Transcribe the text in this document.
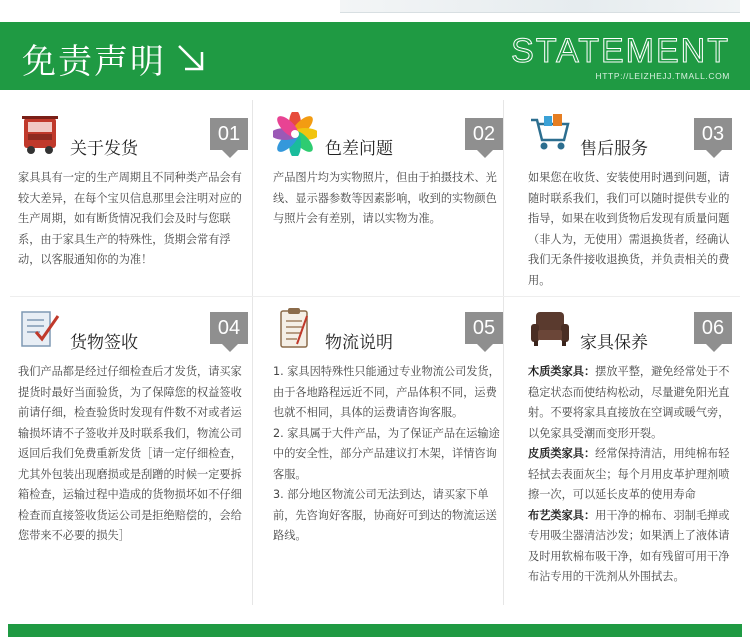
免责声明	STATEMENT
HTTP://LEIZHEJJ.TMALL.COM
关于发货
01

家具具有一定的生产周期且不同种类产品会有较大差异，在每个宝贝信息那里会注明对应的生产周期，如有断货情况我们会及时与您联系，由于家具生产的特殊性，货期会常有浮动，以客服通知你的为准！

色差问题
02

产品图片均为实物照片，但由于拍摄技术、光线、显示器参数等因素影响，收到的实物颜色与照片会有差别，请以实物为准。

售后服务
03

如果您在收货、安装使用时遇到问题，请随时联系我们，我们可以随时提供专业的指导，如果在收到货物后发现有质量问题（非人为，无使用）需退换货者，经确认我们无条件接收退换货，并负责相关的费用。

货物签收
04

我们产品都是经过仔细检查后才发货，请买家提货时最好当面验货，为了保障您的权益签收前请仔细，检查验货时发现有件数不对或者运输损坏请不子签收并及时联系我们，物流公司返回后我们免费重新发货［请一定仔细检查，尤其外包装出现磨损或是刮蹭的时候一定要拆箱检查，运输过程中造成的货物损坏如不仔细检查而直接签收货运公司是拒绝赔偿的，会给您带来不必要的损失］

物流说明
05

1. 家具因特殊性只能通过专业物流公司发货，由于各地路程远近不同，产品体积不同，运费也就不相同，具体的运费请咨询客服。

2. 家具属于大件产品，为了保证产品在运输途中的安全性，部分产品建议打木架，详情咨询客服。

3. 部分地区物流公司无法到达，请买家下单前，先咨询好客服，协商好可到达的物流运送路线。

家具保养
06

木质类家具：摆放平整，避免经常处于不稳定状态而使结构松动，尽量避免阳光直射。不要将家具直接放在空调或暖气旁，以免家具受潮而变形开裂。

皮质类家具：经常保持清洁，用纯棉布轻轻拭去表面灰尘；每个月用皮革护理剂喷擦一次，可以延长皮革的使用寿命

布艺类家具：用干净的棉布、羽制毛掸或专用吸尘器清洁沙发；如果洒上了液体请及时用软棉布吸干净，如有残留可用干净布沾专用的干洗剂从外围拭去。
